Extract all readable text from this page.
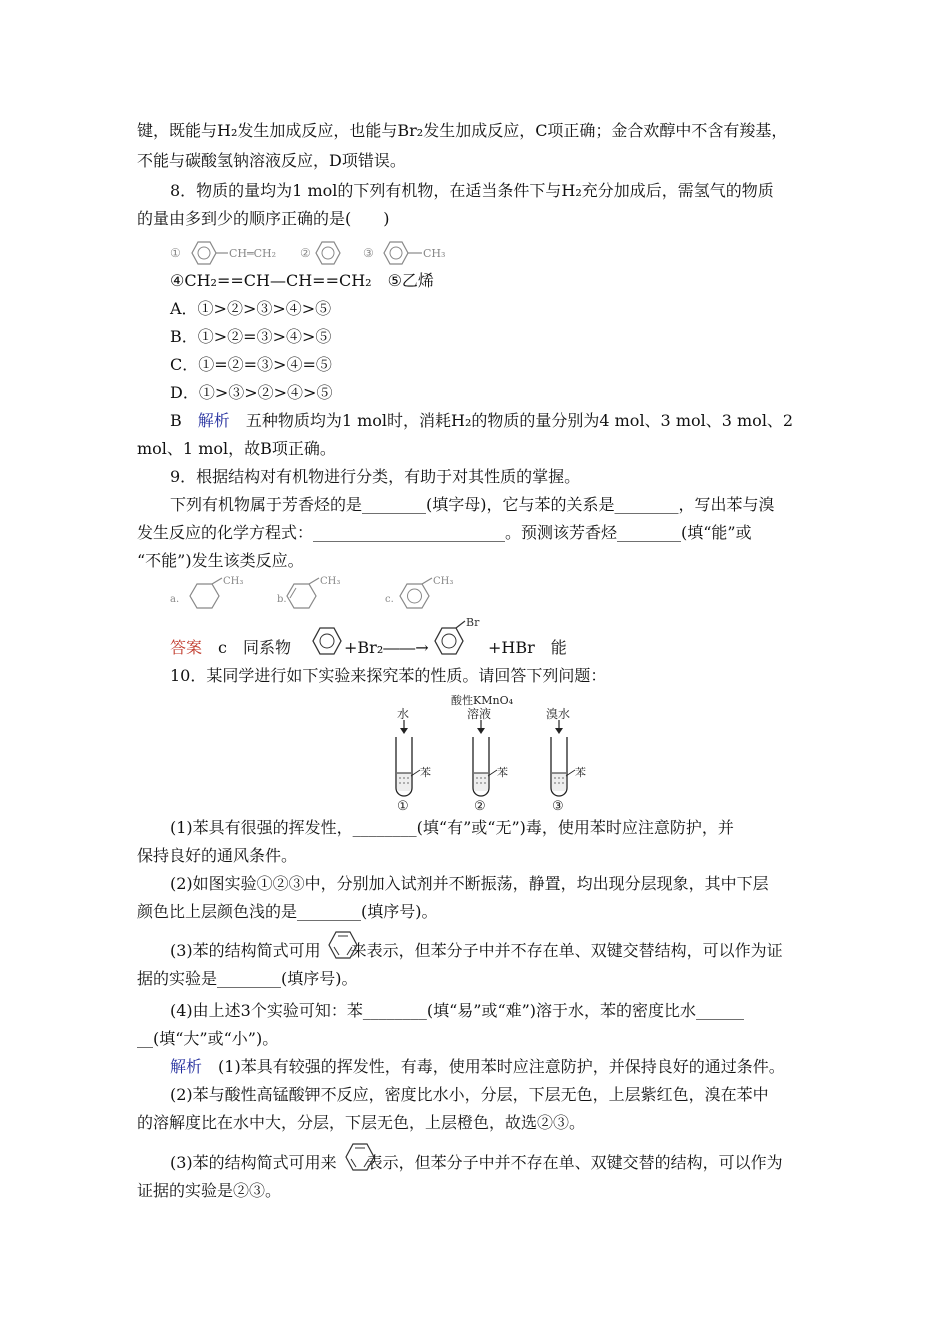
键，既能与H₂发生加成反应，也能与Br₂发生加成反应，C项正确；金合欢醇中不含有羧基，
不能与碳酸氢钠溶液反应，D项错误。
8．物质的量均为1 mol的下列有机物，在适当条件下与H₂充分加成后，需氢气的物质
的量由多到少的顺序正确的是(　　)
①	CH═CH₂ ②	③	CH₃
④CH₂==CH—CH==CH₂　⑤乙烯
A．①>②>③>④>⑤
B．①>②=③>④>⑤
C．①=②=③>④=⑤
D．①>③>②>④>⑤
B　 解析　 五种物质均为1 mol时，消耗H₂的物质的量分别为4 mol、3 mol、3 mol、2
mol、1 mol，故B项正确。
9．根据结构对有机物进行分类，有助于对其性质的掌握。
下列有机物属于芳香烃的是________(填字母)，它与苯的关系是________，写出苯与溴
发生反应的化学方程式：________________________。预测该芳香烃________(填“能”或
“不能”)发生该类反应。
a.
CH₃
b.
CH₃
c.
CH₃
答案　 c　同系物	+Br₂――→
Br
+HBr　能
10．某同学进行如下实验来探究苯的性质。请回答下列问题：
酸性KMnO₄
水	溶液	溴水
苯
①
苯
②
苯
③
(1)苯具有很强的挥发性，________(填“有”或“无”)毒，使用苯时应注意防护，并
保持良好的通风条件。
(2)如图实验①②③中，分别加入试剂并不断振荡，静置，均出现分层现象，其中下层
颜色比上层颜色浅的是________(填序号)。
(3)苯的结构简式可用 来表示，但苯分子中并不存在单、双键交替结构，可以作为证
据的实验是________(填序号)。
(4)由上述3个实验可知：苯________(填“易”或“难”)溶于水，苯的密度比水______
__(填“大”或“小”)。
解析　 (1)苯具有较强的挥发性，有毒，使用苯时应注意防护，并保持良好的通过条件。
(2)苯与酸性高锰酸钾不反应，密度比水小，分层，下层无色，上层紫红色，溴在苯中
的溶解度比在水中大，分层，下层无色，上层橙色，故选②③。
(3)苯的结构简式可用来 表示，但苯分子中并不存在单、双键交替的结构，可以作为
证据的实验是②③。
